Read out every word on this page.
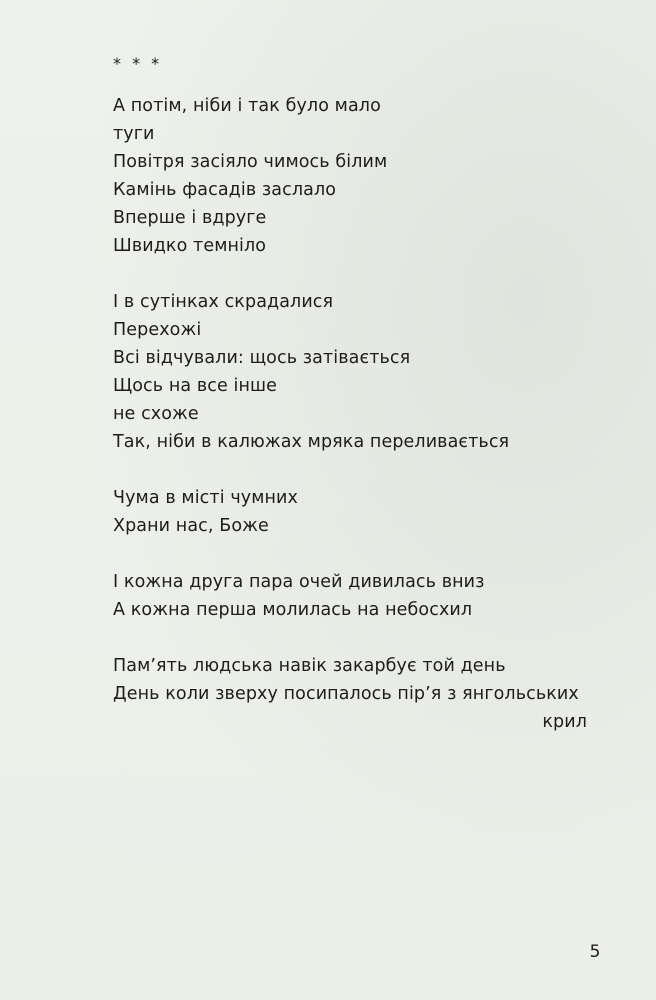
* * *
А потім, ніби і так було мало
туги
Повітря засіяло чимось білим
Камінь фасадів заслало
Вперше і вдруге
Швидко темніло
І в сутінках скрадалися
Перехожі
Всі відчували: щось затівається
Щось на все інше
не схоже
Так, ніби в калюжах мряка переливається
Чума в місті чумних
Храни нас, Боже
І кожна друга пара очей дивилась вниз
А кожна перша молилась на небосхил
Пам’ять людська навік закарбує той день
День коли зверху посипалось пір’я з янгольських
крил
5
